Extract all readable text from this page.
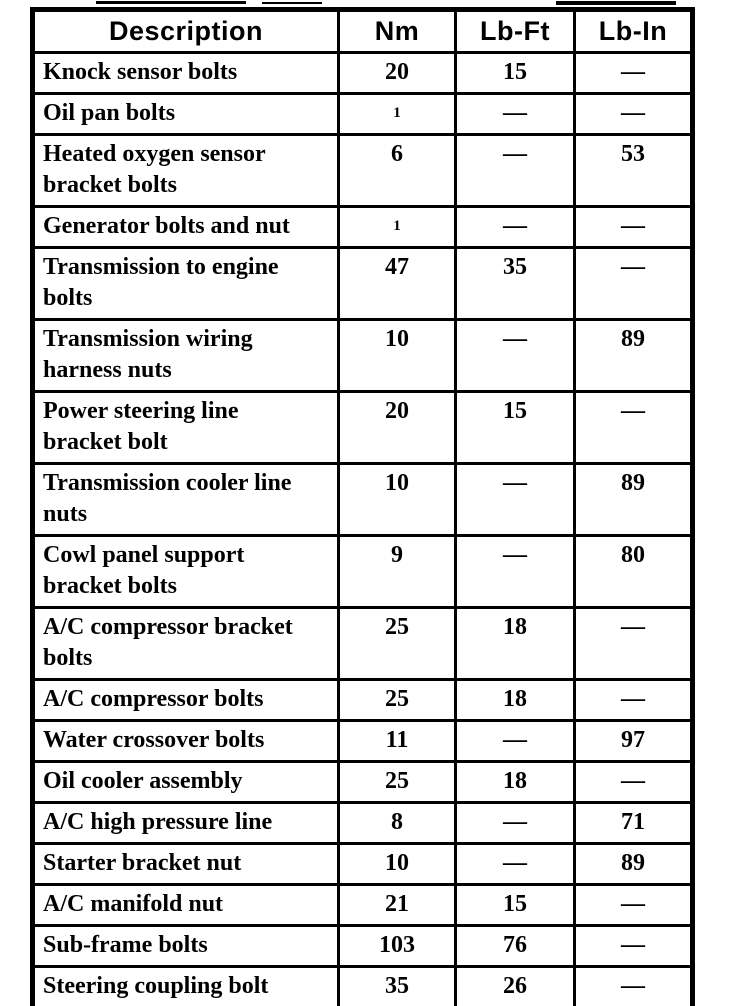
Description	Nm	Lb-Ft	Lb-In
Knock sensor bolts	20	15	—
Oil pan bolts	1	—	—
Heated oxygen sensor bracket bolts	6	—	53
Generator bolts and nut	1	—	—
Transmission to engine bolts	47	35	—
Transmission wiring harness nuts	10	—	89
Power steering line bracket bolt	20	15	—
Transmission cooler line nuts	10	—	89
Cowl panel support bracket bolts	9	—	80
A/C compressor bracket bolts	25	18	—
A/C compressor bolts	25	18	—
Water crossover bolts	11	—	97
Oil cooler assembly	25	18	—
A/C high pressure line	8	—	71
Starter bracket nut	10	—	89
A/C manifold nut	21	15	—
Sub-frame bolts	103	76	—
Steering coupling bolt	35	26	—
